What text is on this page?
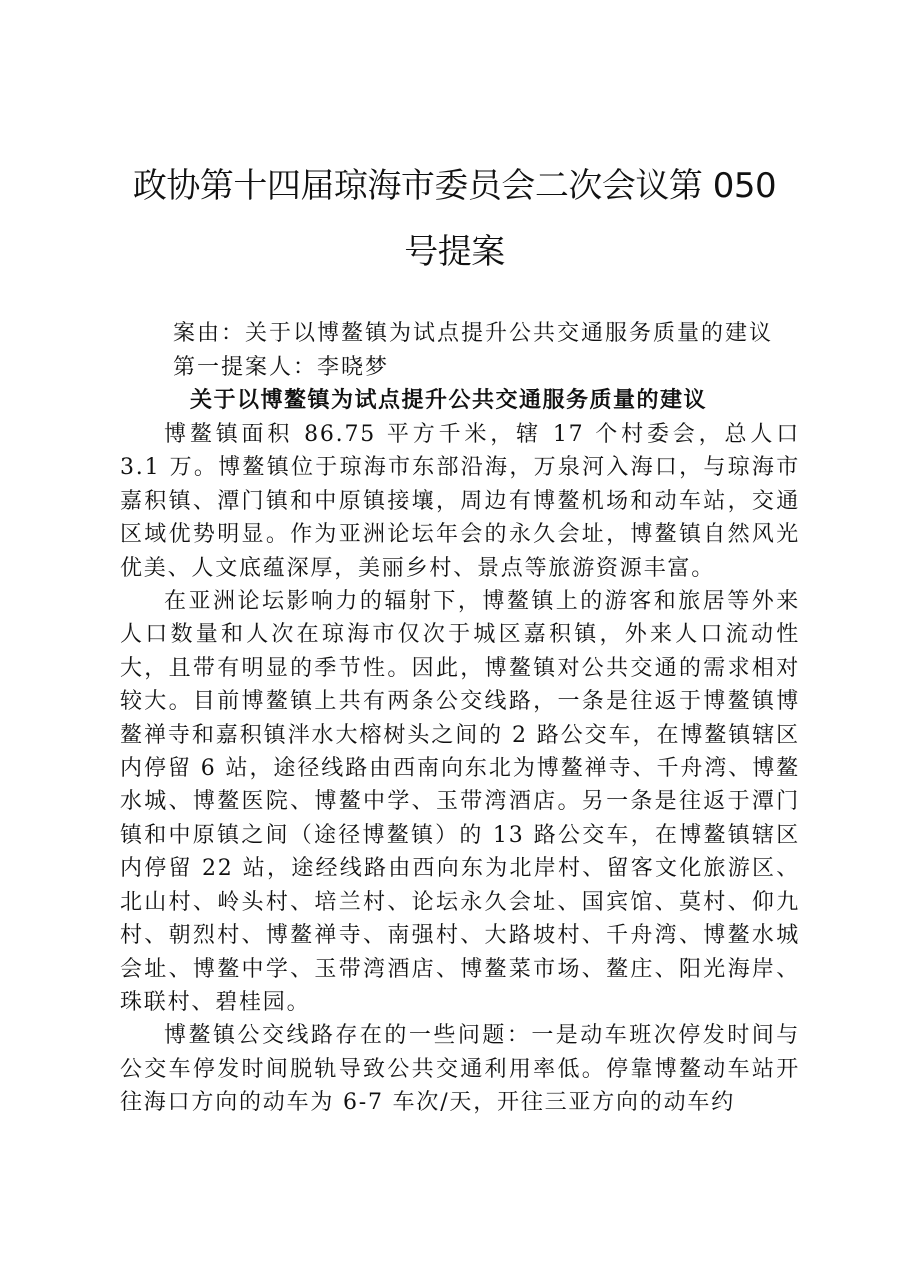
政协第十四届琼海市委员会二次会议第 050
号提案
案由：关于以博鳌镇为试点提升公共交通服务质量的建议
第一提案人：李晓梦
关于以博鳌镇为试点提升公共交通服务质量的建议

博鳌镇面积 86.75 平方千米，辖 17 个村委会，总人口 3.1 万。博鳌镇位于琼海市东部沿海，万泉河入海口，与琼海市嘉积镇、潭门镇和中原镇接壤，周边有博鳌机场和动车站，交通区域优势明显。作为亚洲论坛年会的永久会址，博鳌镇自然风光优美、人文底蕴深厚，美丽乡村、景点等旅游资源丰富。

在亚洲论坛影响力的辐射下，博鳌镇上的游客和旅居等外来人口数量和人次在琼海市仅次于城区嘉积镇，外来人口流动性大，且带有明显的季节性。因此，博鳌镇对公共交通的需求相对较大。目前博鳌镇上共有两条公交线路，一条是往返于博鳌镇博鳌禅寺和嘉积镇泮水大榕树头之间的 2 路公交车，在博鳌镇辖区内停留 6 站，途径线路由西南向东北为博鳌禅寺、千舟湾、博鳌水城、博鳌医院、博鳌中学、玉带湾酒店。另一条是往返于潭门镇和中原镇之间（途径博鳌镇）的 13 路公交车，在博鳌镇辖区内停留 22 站，途经线路由西向东为北岸村、留客文化旅游区、北山村、岭头村、培兰村、论坛永久会址、国宾馆、莫村、仰九村、朝烈村、博鳌禅寺、南强村、大路坡村、千舟湾、博鳌水城会址、博鳌中学、玉带湾酒店、博鳌菜市场、鳌庄、阳光海岸、珠联村、碧桂园。

博鳌镇公交线路存在的一些问题：一是动车班次停发时间与公交车停发时间脱轨导致公共交通利用率低。停靠博鳌动车站开往海口方向的动车为 6-7 车次/天，开往三亚方向的动车约
